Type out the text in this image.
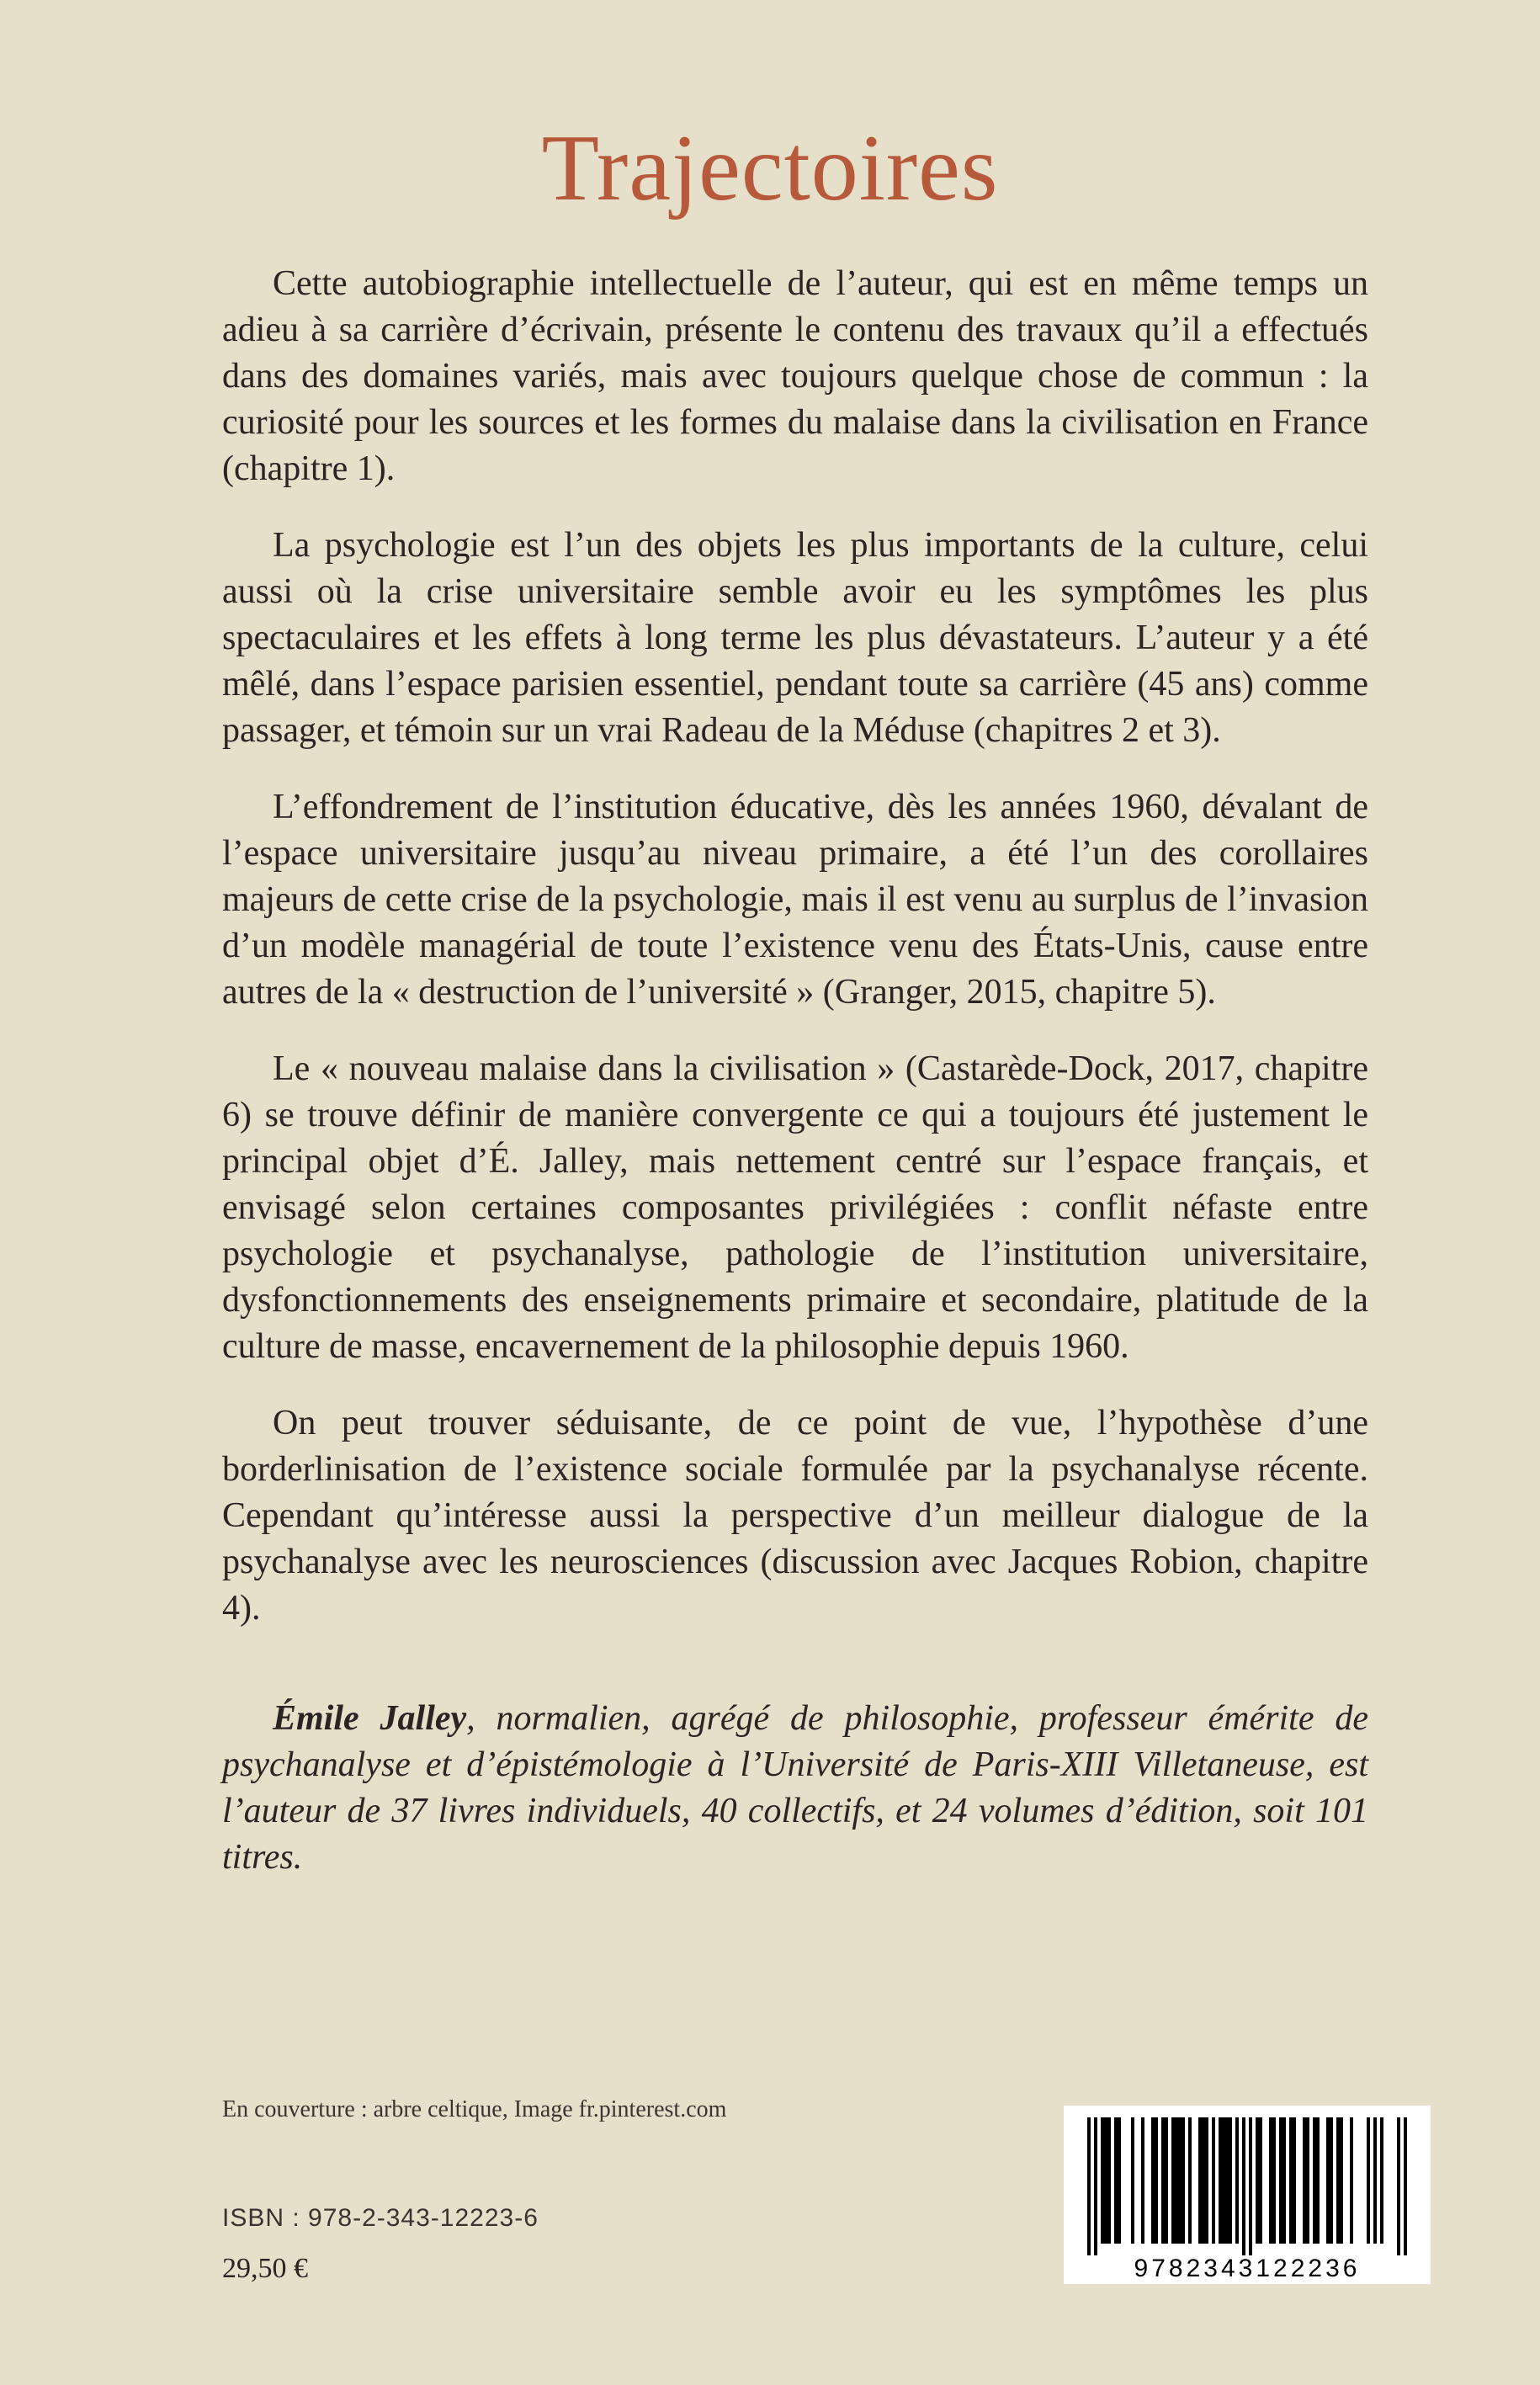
Trajectoires

Cette autobiographie intellectuelle de l’auteur, qui est en même temps un adieu à sa carrière d’écrivain, présente le contenu des travaux qu’il a effectués dans des domaines variés, mais avec toujours quelque chose de commun : la curiosité pour les sources et les formes du malaise dans la civilisation en France (chapitre 1).

La psychologie est l’un des objets les plus importants de la culture, celui aussi où la crise universitaire semble avoir eu les symptômes les plus spectaculaires et les effets à long terme les plus dévastateurs. L’auteur y a été mêlé, dans l’espace parisien essentiel, pendant toute sa carrière (45 ans) comme passager, et témoin sur un vrai Radeau de la Méduse (chapitres 2 et 3).

L’effondrement de l’institution éducative, dès les années 1960, dévalant de l’espace universitaire jusqu’au niveau primaire, a été l’un des corollaires majeurs de cette crise de la psychologie, mais il est venu au surplus de l’invasion d’un modèle managérial de toute l’existence venu des États-Unis, cause entre autres de la « destruction de l’université » (Granger, 2015, chapitre 5).

Le « nouveau malaise dans la civilisation » (Castarède-Dock, 2017, chapitre 6) se trouve définir de manière convergente ce qui a toujours été justement le principal objet d’É. Jalley, mais nettement centré sur l’espace français, et envisagé selon certaines composantes privilégiées : conflit néfaste entre psychologie et psychanalyse, pathologie de l’institution universitaire, dysfonctionnements des enseignements primaire et secondaire, platitude de la culture de masse, encavernement de la philosophie depuis 1960.

On peut trouver séduisante, de ce point de vue, l’hypothèse d’une borderlinisation de l’existence sociale formulée par la psychanalyse récente. Cependant qu’intéresse aussi la perspective d’un meilleur dialogue de la psychanalyse avec les neurosciences (discussion avec Jacques Robion, chapitre 4).

Émile Jalley, normalien, agrégé de philosophie, professeur émérite de psychanalyse et d’épistémologie à l’Université de Paris-XIII Villetaneuse, est l’auteur de 37 livres individuels, 40 collectifs, et 24 volumes d’édition, soit 101 titres.

En couverture : arbre celtique, Image fr.pinterest.com
ISBN : 978-2-343-12223-6
29,50 €	9782343122236
